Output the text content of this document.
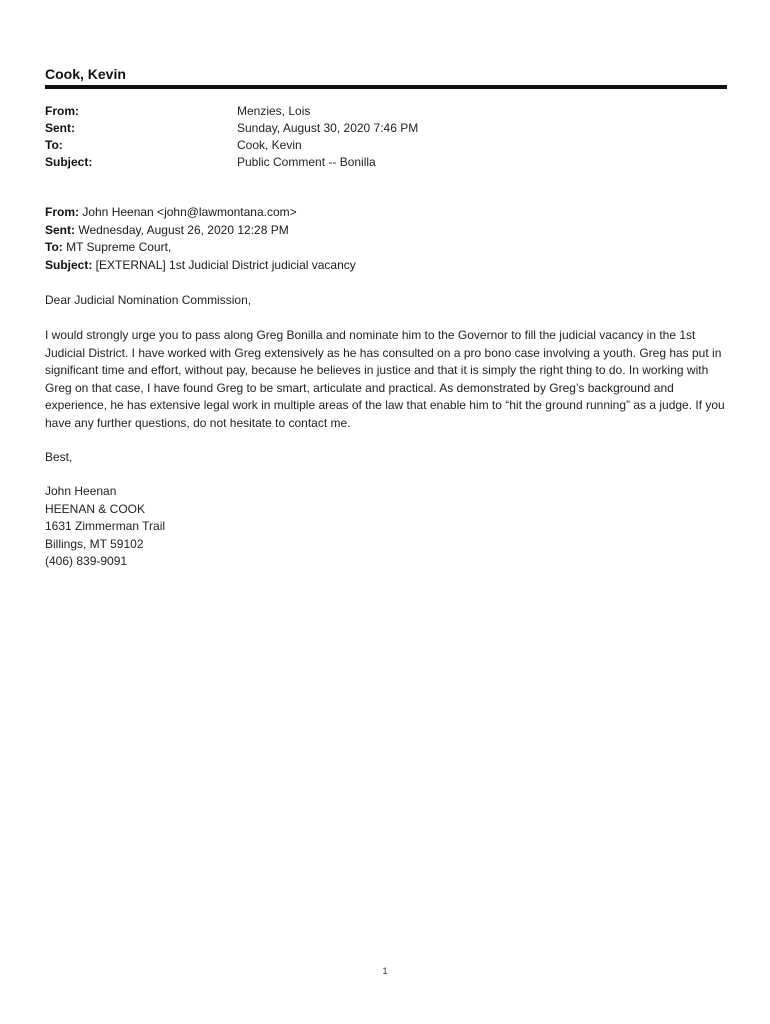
Cook, Kevin
From:	Menzies, Lois
Sent:	Sunday, August 30, 2020 7:46 PM
To:	Cook, Kevin
Subject:	Public Comment -- Bonilla
From: John Heenan <john@lawmontana.com>
Sent: Wednesday, August 26, 2020 12:28 PM
To: MT Supreme Court,
Subject: [EXTERNAL] 1st Judicial District judicial vacancy
Dear Judicial Nomination Commission,
I would strongly urge you to pass along Greg Bonilla and nominate him to the Governor to fill the judicial vacancy in the 1st Judicial District. I have worked with Greg extensively as he has consulted on a pro bono case involving a youth. Greg has put in significant time and effort, without pay, because he believes in justice and that it is simply the right thing to do. In working with Greg on that case, I have found Greg to be smart, articulate and practical. As demonstrated by Greg’s background and experience, he has extensive legal work in multiple areas of the law that enable him to “hit the ground running” as a judge. If you have any further questions, do not hesitate to contact me.
Best,
John Heenan
HEENAN & COOK
1631 Zimmerman Trail
Billings, MT 59102
(406) 839-9091
1
